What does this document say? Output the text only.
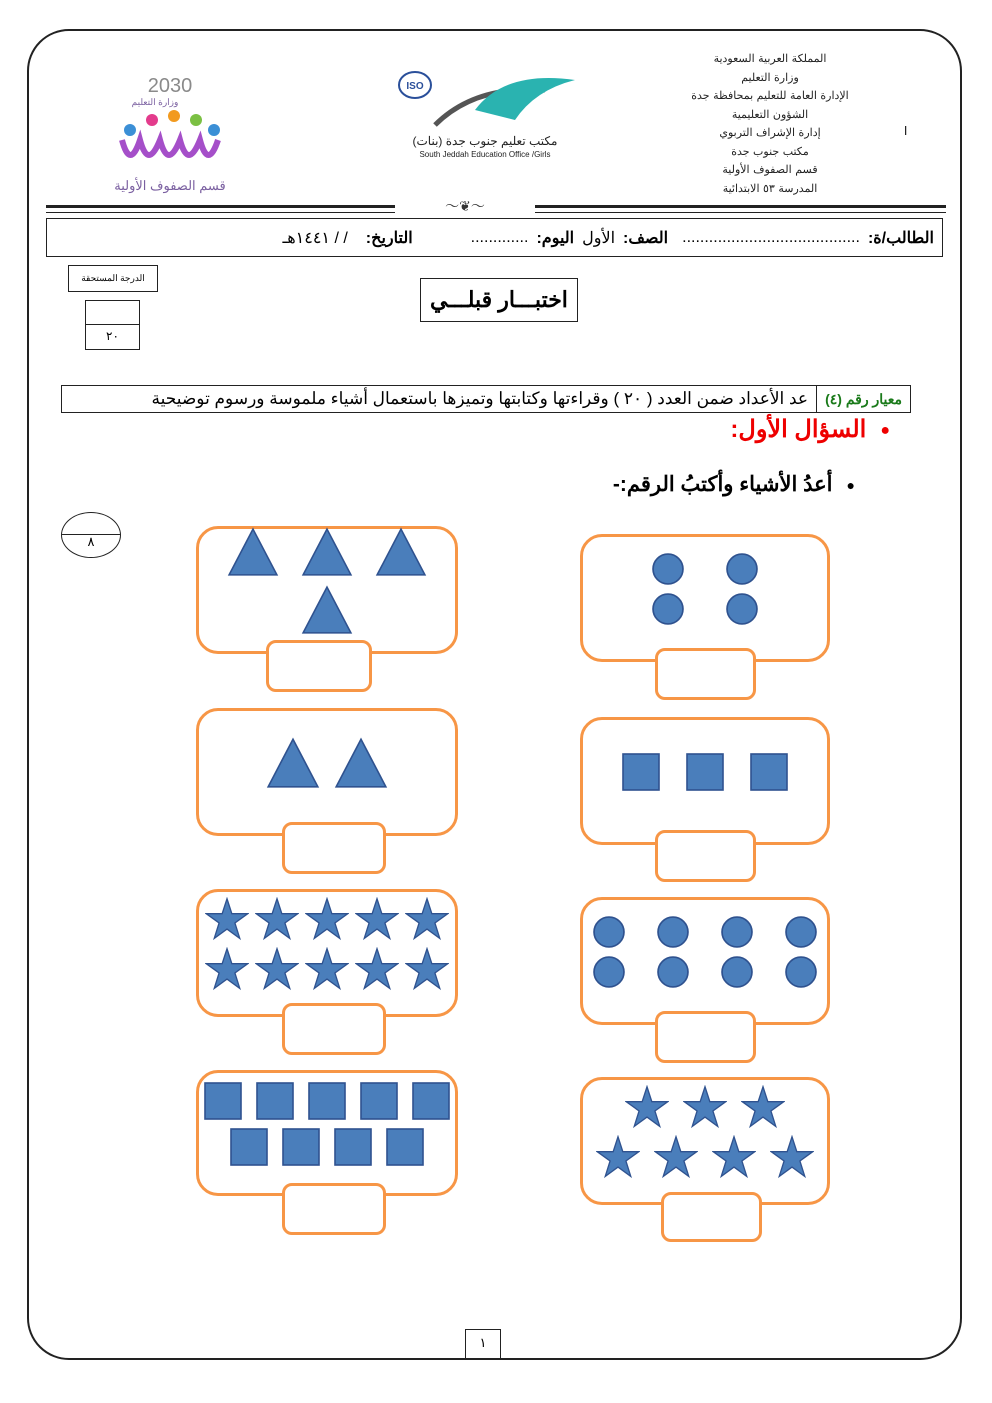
المملكة العربية السعودية
وزارة التعليم
الإدارة العامة للتعليم بمحافظة جدة
الشؤون التعليمية
إدارة الإشراف التربوي
مكتب جنوب جدة
قسم الصفوف الأولية
المدرسة ٥٣ الابتدائية
ا
2030
وزارة التعليم
قسم الصفوف الأولية
ISO
مكتب تعليم جنوب جدة (بنات)
South Jeddah Education Office /Girls
～❦～
الطالب/ة:
........................................
الصف:
الأول
اليوم:
.............
التاريخ:
/ / ١٤٤١هـ
الدرجة المستحقة
٢٠
اختبـــار قبلـــي
معيار رقم (٤)
عد الأعداد ضمن العدد ( ٢٠ ) وقراءتها وكتابتها وتميزها باستعمال أشياء ملموسة ورسوم توضيحية
●السؤال الأول:
●أعدُ الأشياء وأكتبُ الرقم:-
٨
١
